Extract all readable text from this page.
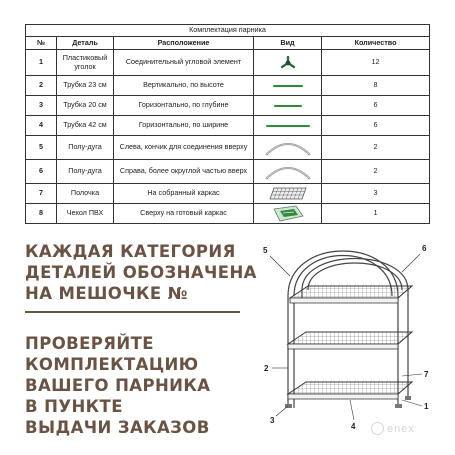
Комплектация парника				
№	Деталь	Расположение	Вид	Количество
1	Пластиковый уголок	Соединительный угловой элемент		12
2	Трубка 23 см	Вертикально, по высоте		8
3	Трубка 20 см	Горизонтально, по глубине		6
4	Трубка 42 см	Горизонтально, по ширине		6
5	Полу-дуга	Слева, кончик для соединения вверху		2
6	Полу-дуга	Справа, более округлой частью вверх		2
7	Полочка	На собранный каркас		3
8	Чехол ПВХ	Сверху на готовый каркас		1
КАЖДАЯ КАТЕГОРИЯ
ДЕТАЛЕЙ ОБОЗНАЧЕНА
НА МЕШОЧКЕ №
ПРОВЕРЯЙТЕ
КОМПЛЕКТАЦИЮ
ВАШЕГО ПАРНИКА
В ПУНКТЕ
ВЫДАЧИ ЗАКАЗОВ
5	6
2
7
3
1
4	enex
